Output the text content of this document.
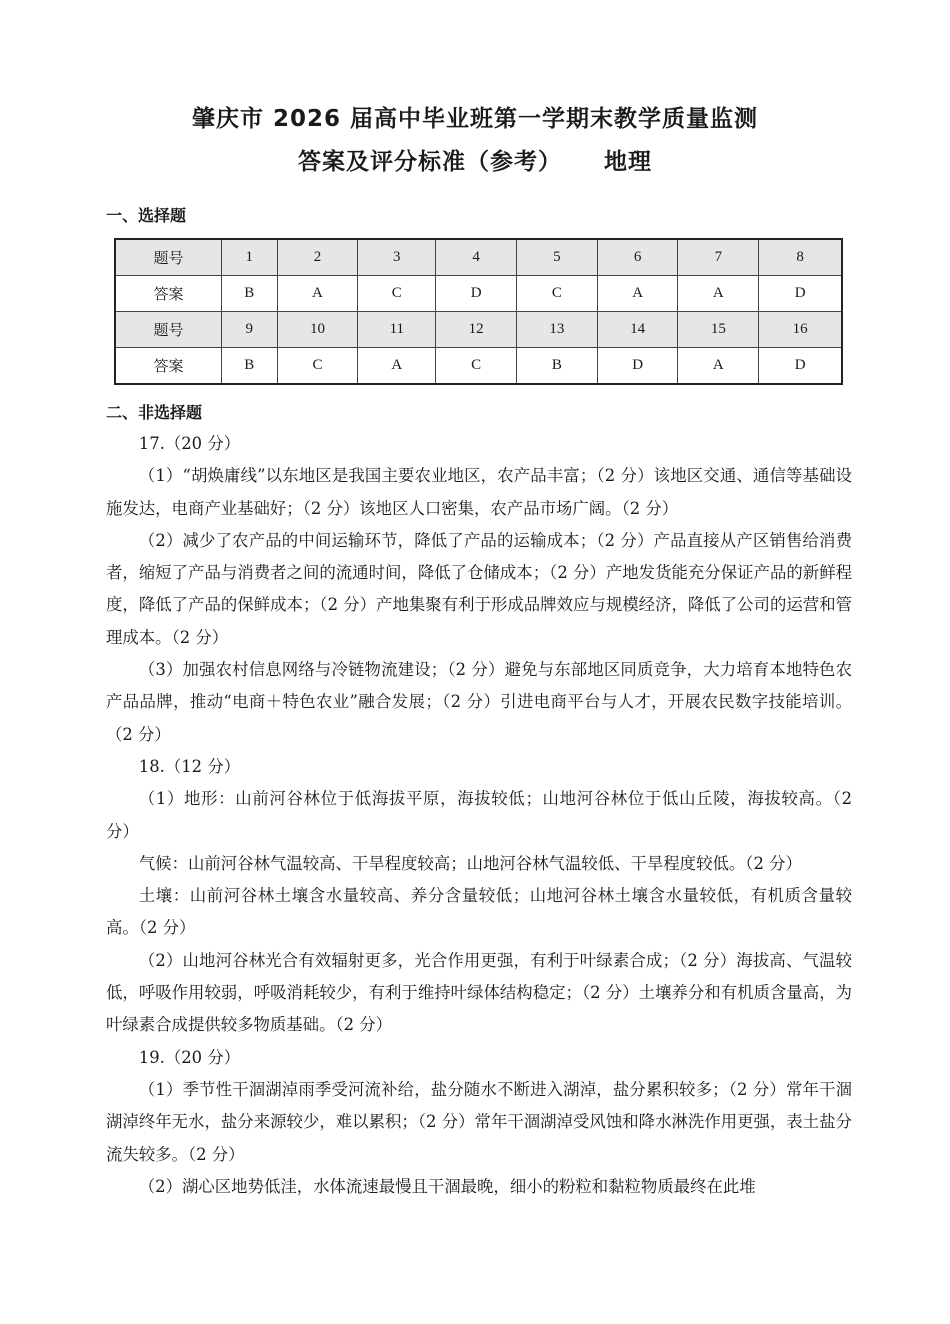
肇庆市 2026 届高中毕业班第一学期末教学质量监测
答案及评分标准（参考） 地理
一、选择题
题号	1	2	3	4	5	6	7	8
答案	B	A	C	D	C	A	A	D
题号	9	10	11	12	13	14	15	16
答案	B	C	A	C	B	D	A	D
二、非选择题

17.（20 分）

（1）“胡焕庸线”以东地区是我国主要农业地区，农产品丰富；（2 分）该地区交通、通信等基础设施发达，电商产业基础好；（2 分）该地区人口密集，农产品市场广阔。（2 分）

（2）减少了农产品的中间运输环节，降低了产品的运输成本；（2 分）产品直接从产区销售给消费者，缩短了产品与消费者之间的流通时间，降低了仓储成本；（2 分）产地发货能充分保证产品的新鲜程度，降低了产品的保鲜成本；（2 分）产地集聚有利于形成品牌效应与规模经济，降低了公司的运营和管理成本。（2 分）

（3）加强农村信息网络与冷链物流建设；（2 分）避免与东部地区同质竞争，大力培育本地特色农产品品牌，推动“电商＋特色农业”融合发展；（2 分）引进电商平台与人才，开展农民数字技能培训。（2 分）

18.（12 分）

（1）地形：山前河谷林位于低海拔平原，海拔较低；山地河谷林位于低山丘陵，海拔较高。（2 分）

气候：山前河谷林气温较高、干旱程度较高；山地河谷林气温较低、干旱程度较低。（2 分）

土壤：山前河谷林土壤含水量较高、养分含量较低；山地河谷林土壤含水量较低，有机质含量较高。（2 分）

（2）山地河谷林光合有效辐射更多，光合作用更强，有利于叶绿素合成；（2 分）海拔高、气温较低，呼吸作用较弱，呼吸消耗较少，有利于维持叶绿体结构稳定；（2 分）土壤养分和有机质含量高，为叶绿素合成提供较多物质基础。（2 分）

19.（20 分）

（1）季节性干涸湖淖雨季受河流补给，盐分随水不断进入湖淖，盐分累积较多；（2 分）常年干涸湖淖终年无水，盐分来源较少，难以累积；（2 分）常年干涸湖淖受风蚀和降水淋洗作用更强，表土盐分流失较多。（2 分）

（2）湖心区地势低洼，水体流速最慢且干涸最晚，细小的粉粒和黏粒物质最终在此堆
